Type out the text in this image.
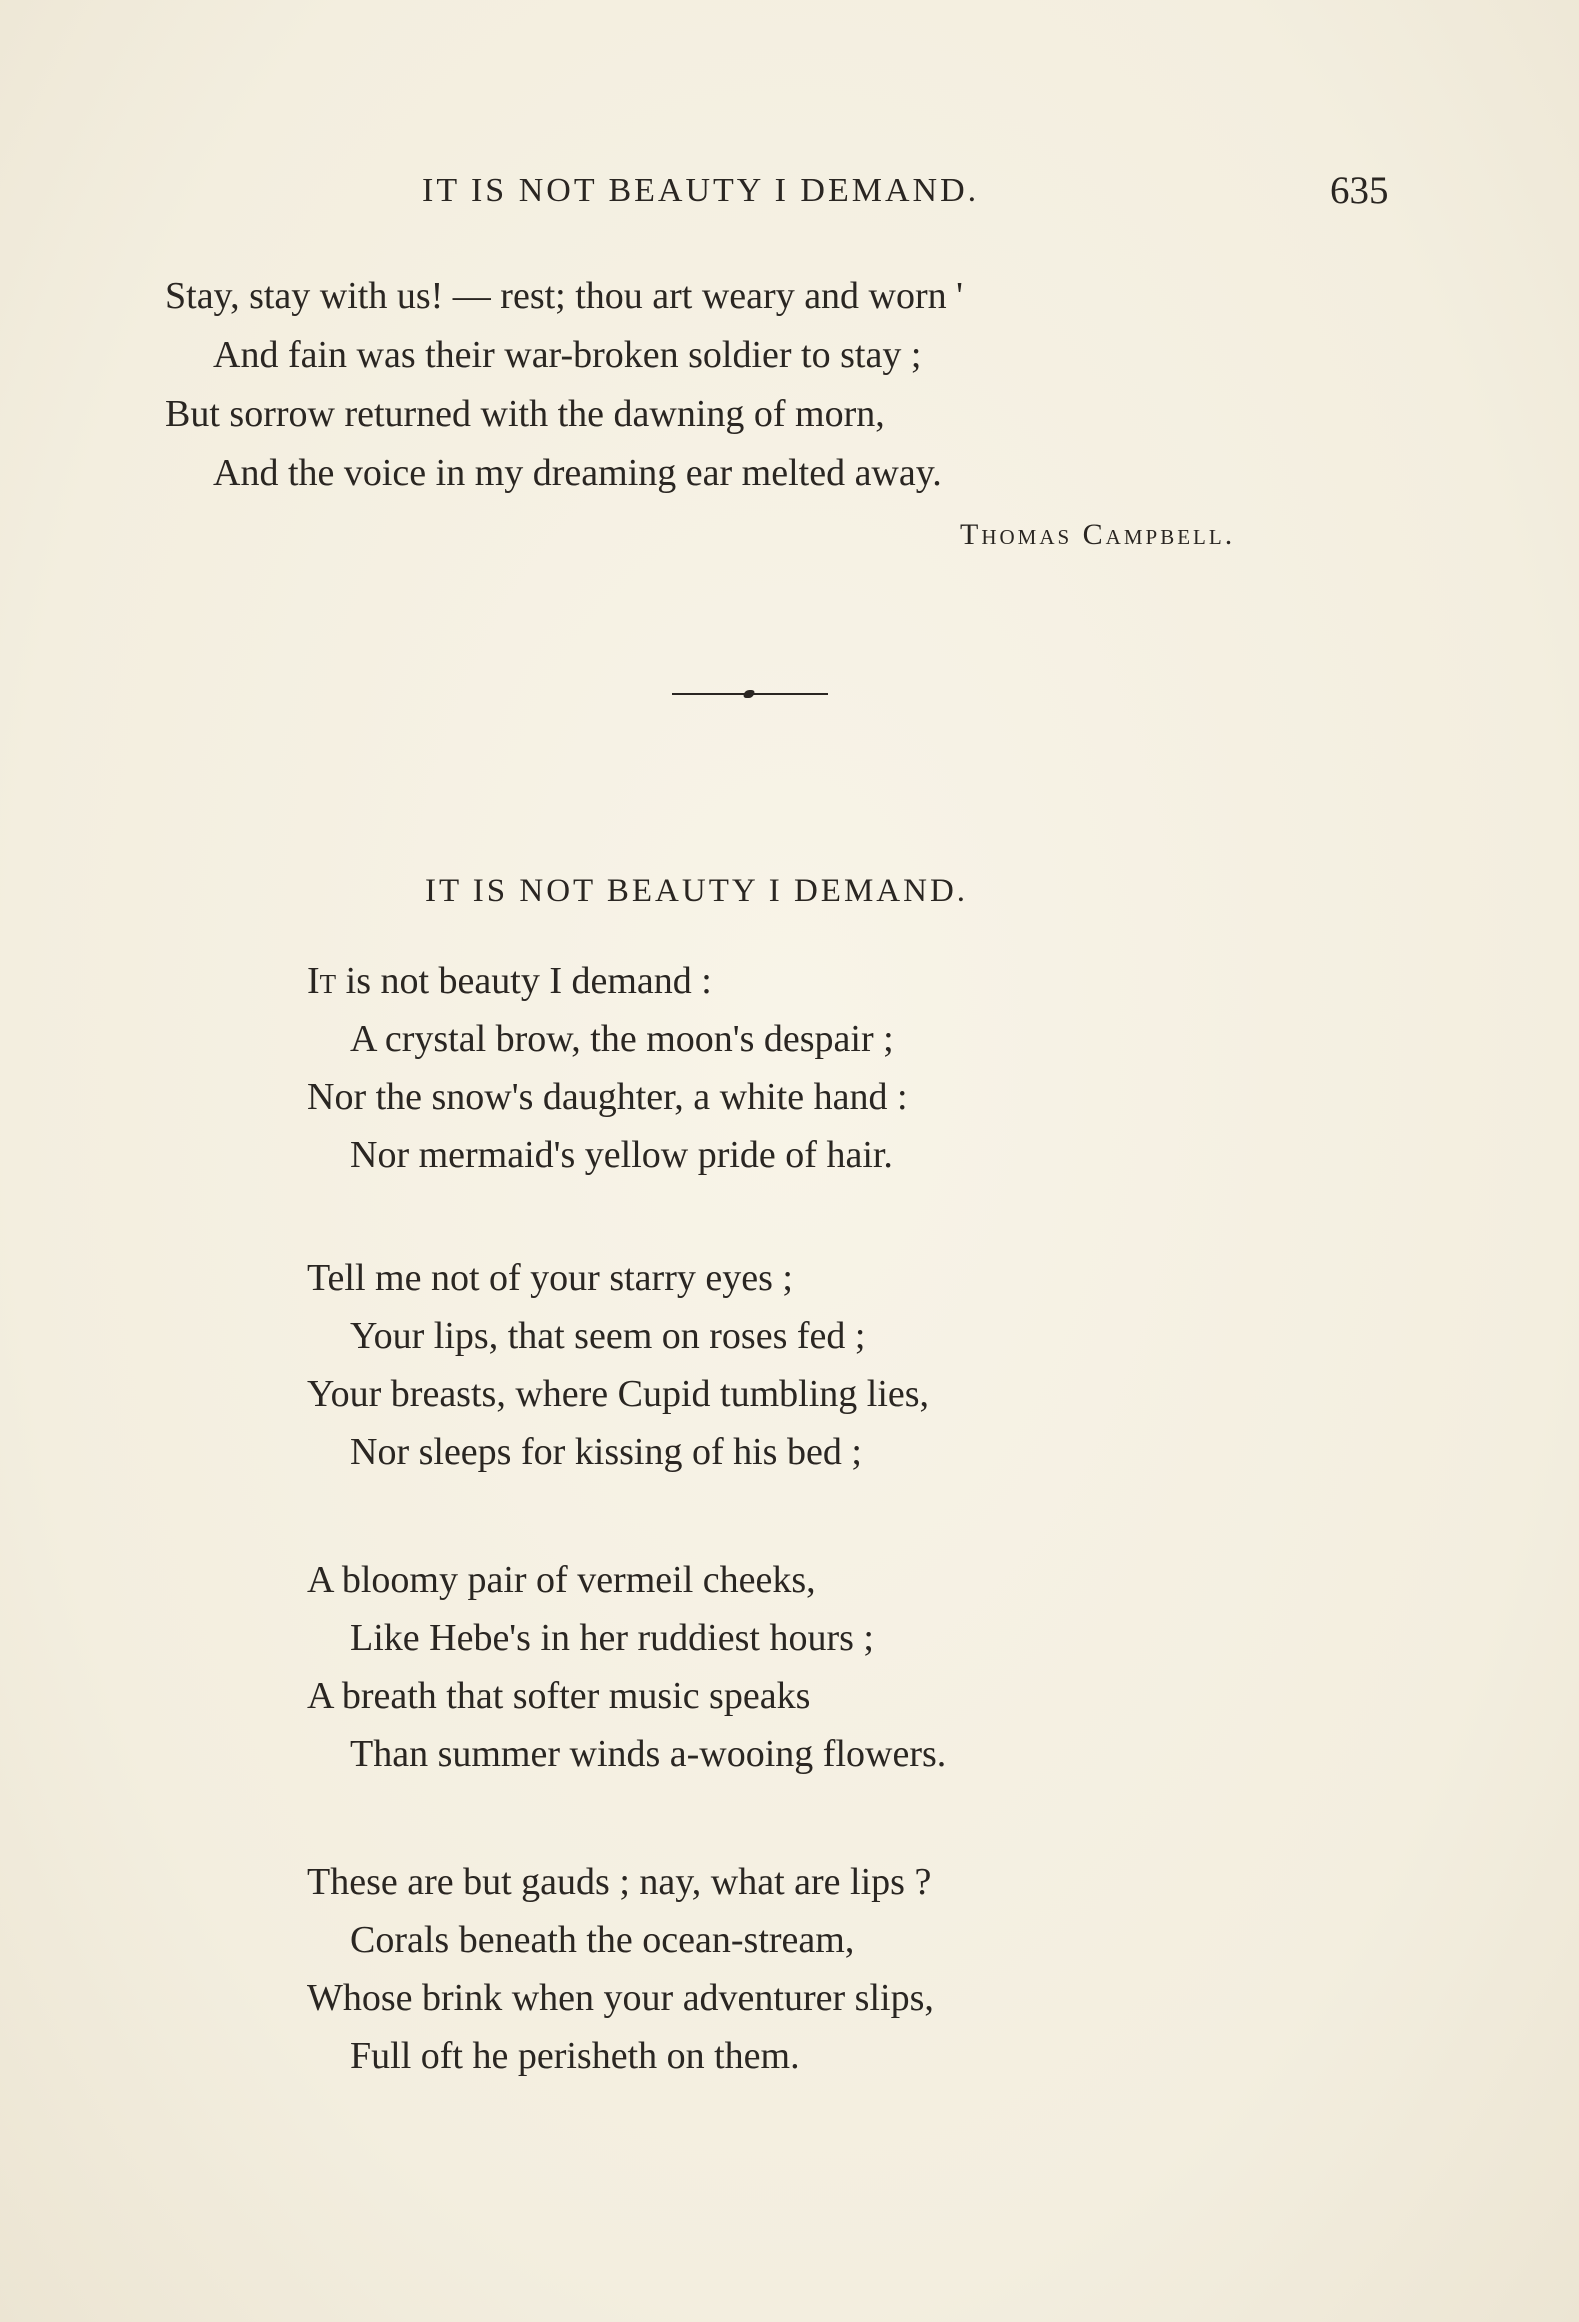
IT IS NOT BEAUTY I DEMAND.	635
Stay, stay with us! — rest; thou art weary and worn '
And fain was their war-broken soldier to stay ;
But sorrow returned with the dawning of morn,
And the voice in my dreaming ear melted away.
Thomas Campbell.
IT IS NOT BEAUTY I DEMAND.
It is not beauty I demand :
A crystal brow, the moon's despair ;
Nor the snow's daughter, a white hand :
Nor mermaid's yellow pride of hair.
Tell me not of your starry eyes ;
Your lips, that seem on roses fed ;
Your breasts, where Cupid tumbling lies,
Nor sleeps for kissing of his bed ;
A bloomy pair of vermeil cheeks,
Like Hebe's in her ruddiest hours ;
A breath that softer music speaks
Than summer winds a-wooing flowers.
These are but gauds ; nay, what are lips ?
Corals beneath the ocean-stream,
Whose brink when your adventurer slips,
Full oft he perisheth on them.
